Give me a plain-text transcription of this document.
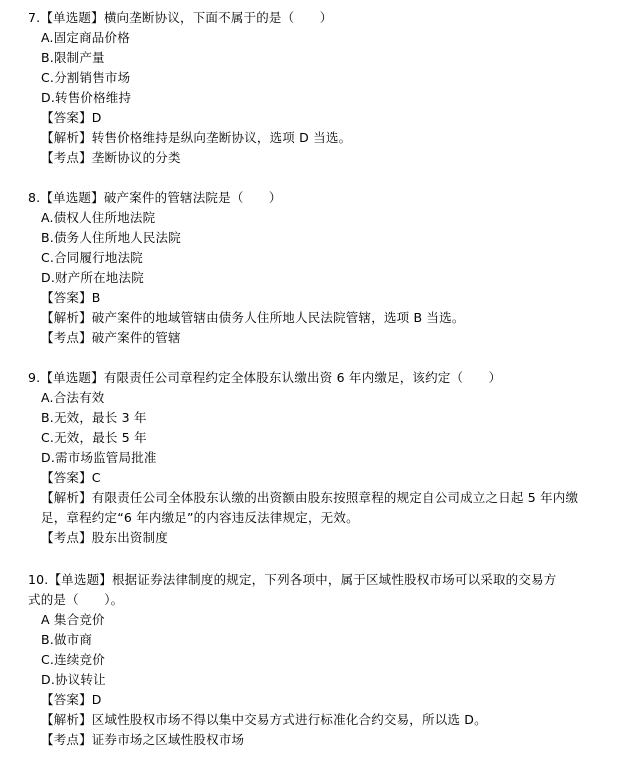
7.【单选题】横向垄断协议，下面不属于的是（　　）
A.固定商品价格
B.限制产量
C.分割销售市场
D.转售价格维持
【答案】D
【解析】转售价格维持是纵向垄断协议，选项 D 当选。
【考点】垄断协议的分类
8.【单选题】破产案件的管辖法院是（　　）
A.债权人住所地法院
B.债务人住所地人民法院
C.合同履行地法院
D.财产所在地法院
【答案】B
【解析】破产案件的地域管辖由债务人住所地人民法院管辖，选项 B 当选。
【考点】破产案件的管辖
9.【单选题】有限责任公司章程约定全体股东认缴出资 6 年内缴足，该约定（　　）
A.合法有效
B.无效，最长 3 年
C.无效，最长 5 年
D.需市场监管局批准
【答案】C
【解析】有限责任公司全体股东认缴的出资额由股东按照章程的规定自公司成立之日起 5 年内缴足，章程约定“6 年内缴足”的内容违反法律规定，无效。
【考点】股东出资制度
10.【单选题】根据证券法律制度的规定，下列各项中，属于区域性股权市场可以采取的交易方式的是（　　）。
A 集合竞价
B.做市商
C.连续竞价
D.协议转让
【答案】D
【解析】区域性股权市场不得以集中交易方式进行标准化合约交易，所以选 D。
【考点】证券市场之区域性股权市场
